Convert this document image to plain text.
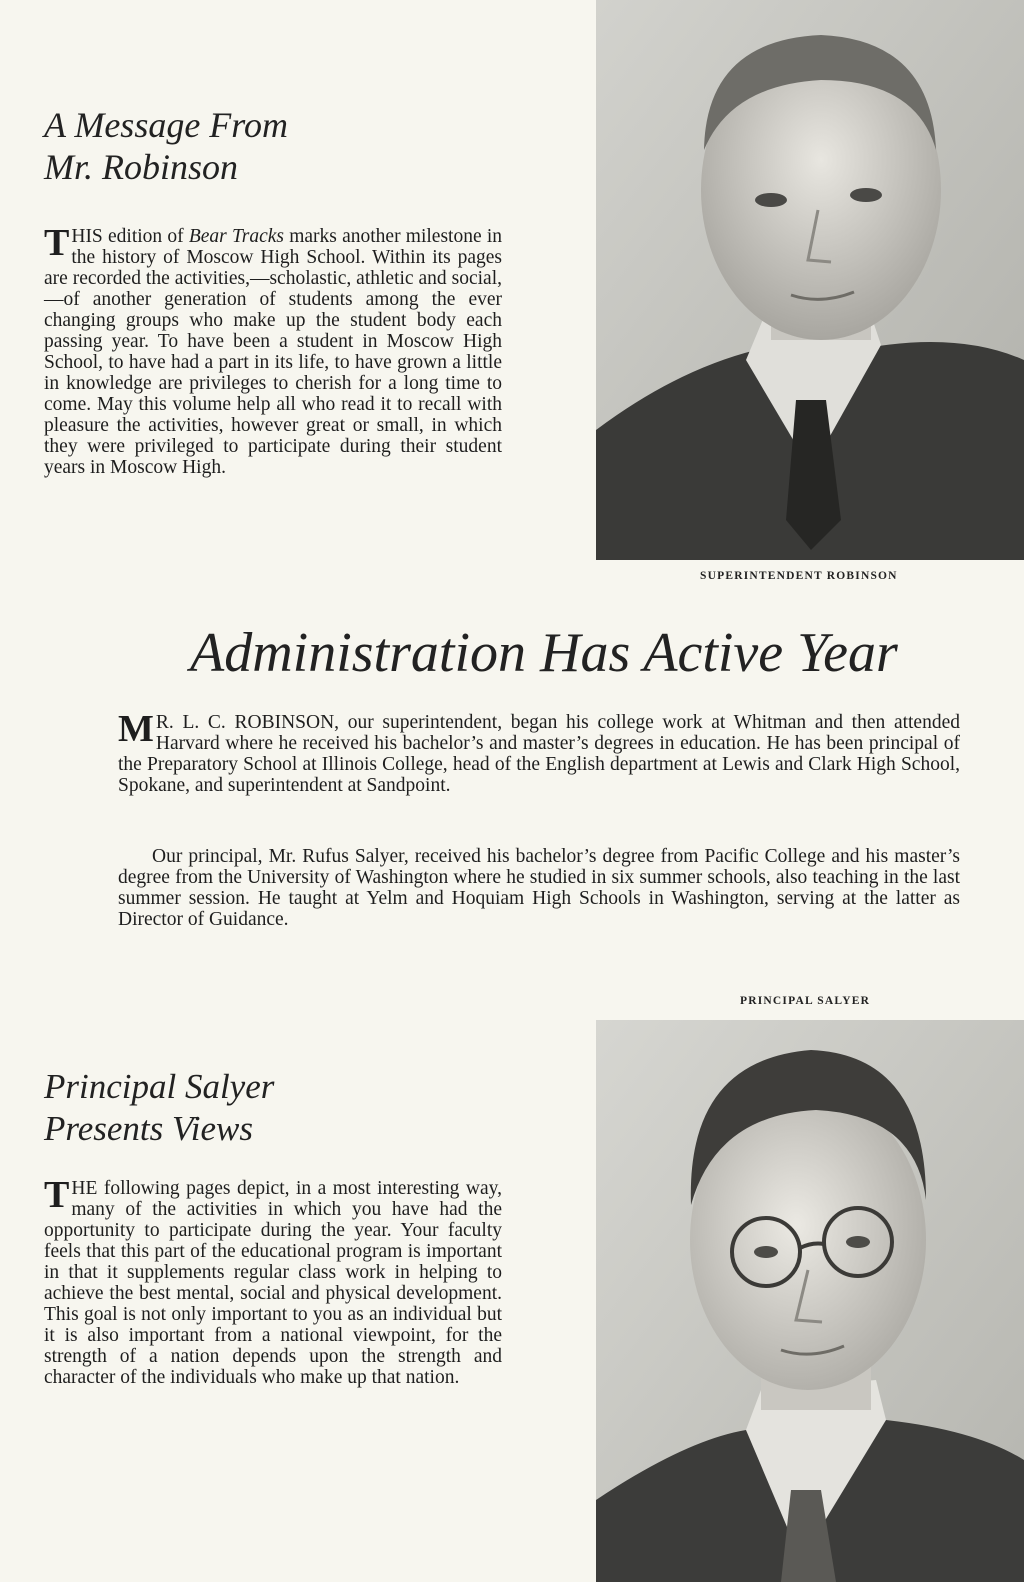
A Message From
Mr. Robinson

THIS edition of Bear Tracks marks another milestone in the history of Moscow High School. Within its pages are recorded the activities,—scholastic, athletic and social,—of another generation of students among the ever changing groups who make up the student body each passing year. To have been a student in Moscow High School, to have had a part in its life, to have grown a little in knowledge are privileges to cherish for a long time to come. May this volume help all who read it to recall with pleasure the activities, however great or small, in which they were privileged to participate during their student years in Moscow High.

SUPERINTENDENT ROBINSON
Administration Has Active Year

M R. L. C. ROBINSON, our superintendent, began his college work at Whitman and then attended Harvard where he received his bachelor’s and master’s degrees in education. He has been principal of the Preparatory School at Illinois College, head of the English department at Lewis and Clark High School, Spokane, and superintendent at Sandpoint.

Our principal, Mr. Rufus Salyer, received his bachelor’s degree from Pacific College and his master’s degree from the University of Washington where he studied in six summer schools, also teaching in the last summer session. He taught at Yelm and Hoquiam High Schools in Washington, serving at the latter as Director of Guidance.

PRINCIPAL SALYER
Principal Salyer
Presents Views

THE following pages depict, in a most interesting way, many of the activities in which you have had the opportunity to participate during the year. Your faculty feels that this part of the educational program is important in that it supplements regular class work in helping to achieve the best mental, social and physical development. This goal is not only important to you as an individual but it is also important from a national viewpoint, for the strength of a nation depends upon the strength and character of the individuals who make up that nation.
